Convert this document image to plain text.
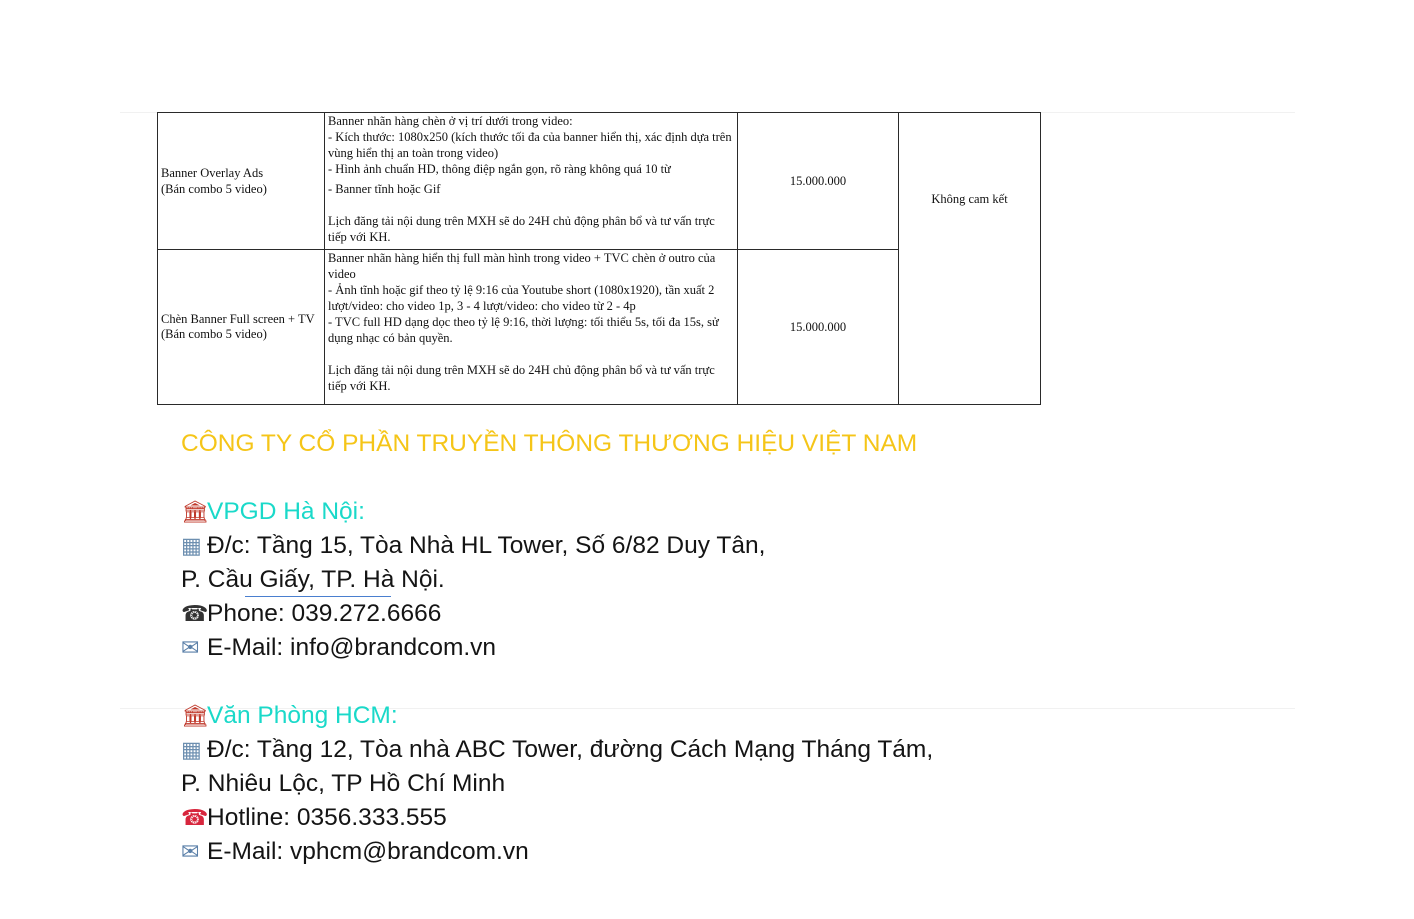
Banner Overlay Ads
(Bán combo 5 video)	Banner nhãn hàng chèn ở vị trí dưới trong video:
- Kích thước: 1080x250 (kích thước tối đa của banner hiển thị, xác định dựa trên vùng hiển thị an toàn trong video)
- Hình ảnh chuẩn HD, thông điệp ngắn gọn, rõ ràng không quá 10 từ
- Banner tĩnh hoặc Gif
Lịch đăng tải nội dung trên MXH sẽ do 24H chủ động phân bổ và tư vấn trực tiếp với KH.	15.000.000	Không cam kết

Chèn Banner Full screen + TV
(Bán combo 5 video)	Banner nhãn hàng hiển thị full màn hình trong video + TVC chèn ở outro của video
- Ảnh tĩnh hoặc gif theo tỷ lệ 9:16 của Youtube short (1080x1920), tần xuất 2 lượt/video: cho video 1p, 3 - 4 lượt/video: cho video từ 2 - 4p
- TVC full HD dạng dọc theo tỷ lệ 9:16, thời lượng: tối thiểu 5s, tối đa 15s, sử dụng nhạc có bản quyền.
Lịch đăng tải nội dung trên MXH sẽ do 24H chủ động phân bổ và tư vấn trực tiếp với KH.	15.000.000	
CÔNG TY CỔ PHẦN TRUYỀN THÔNG THƯƠNG HIỆU VIỆT NAM
🏛VPGD Hà Nội:
▦ Đ/c: Tầng 15, Tòa Nhà HL Tower, Số 6/82 Duy Tân,
P. Cầu Giấy, TP. Hà Nội.
☎Phone: 039.272.6666
✉ E-Mail: info@brandcom.vn
🏛Văn Phòng HCM:
▦ Đ/c: Tầng 12, Tòa nhà ABC Tower, đường Cách Mạng Tháng Tám,
P. Nhiêu Lộc, TP Hồ Chí Minh
☎Hotline: 0356.333.555
✉ E-Mail: vphcm@brandcom.vn
